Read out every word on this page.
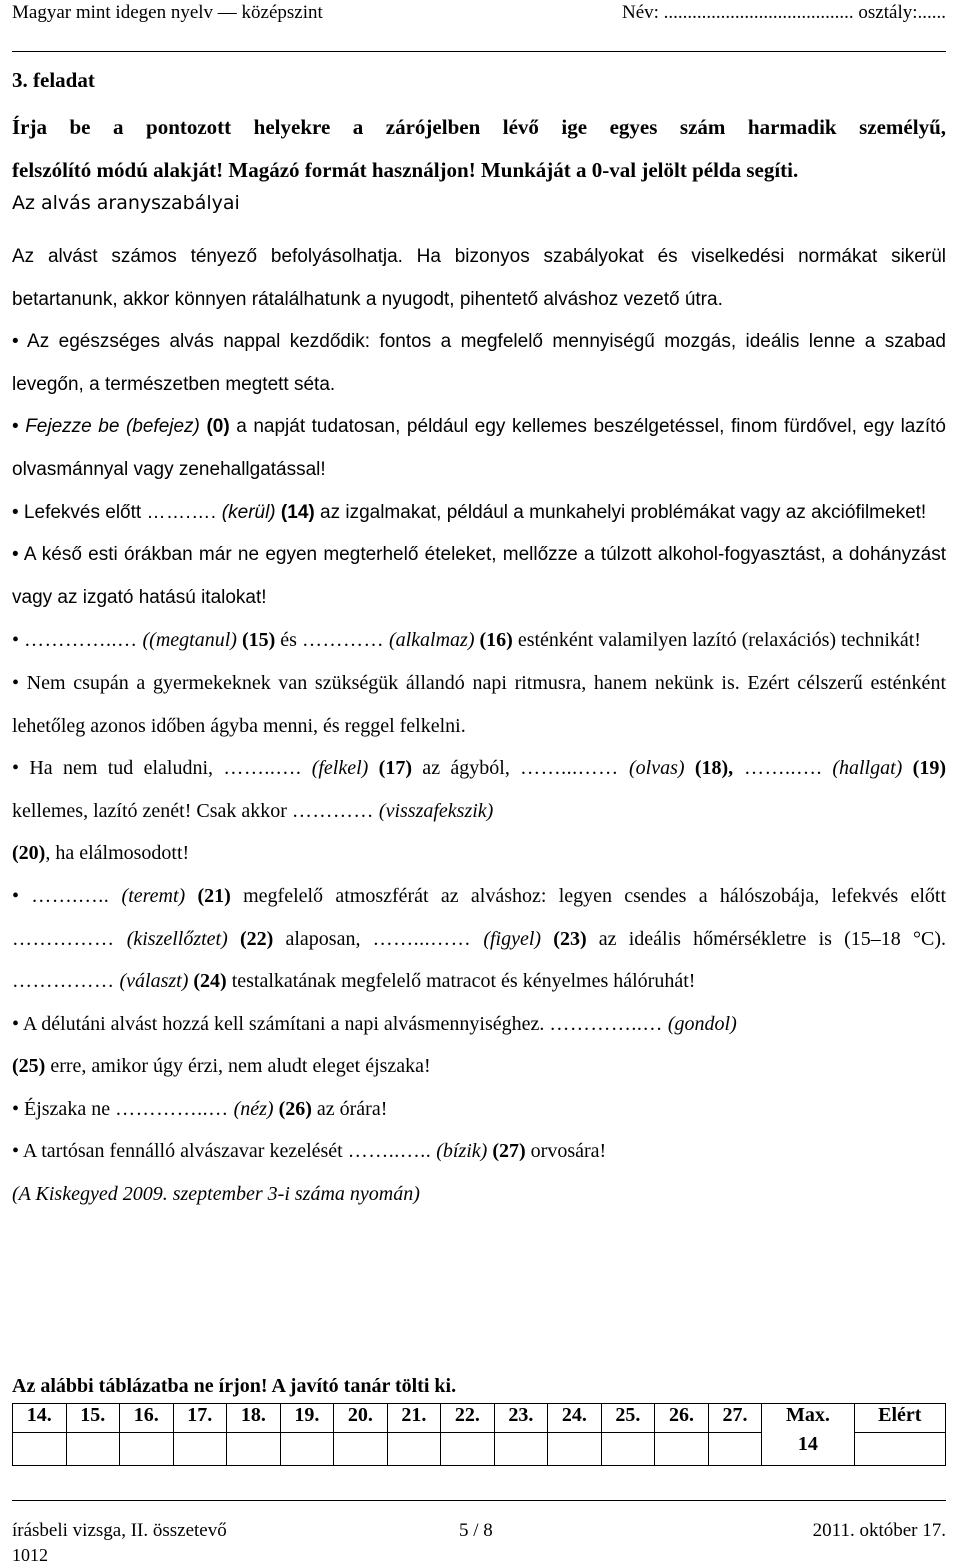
Magyar mint idegen nyelv — középszint	Név: ........................................ osztály:......
3. feladat
Írja be a pontozott helyekre a zárójelben lévő ige egyes szám harmadik személyű,
felszólító módú alakját! Magázó formát használjon! Munkáját a 0-val jelölt példa segíti.
Az alvás aranyszabályai

Az alvást számos tényező befolyásolhatja. Ha bizonyos szabályokat és viselkedési normákat sikerül betartanunk, akkor könnyen rátalálhatunk a nyugodt, pihentető alváshoz vezető útra.

• Az egészséges alvás nappal kezdődik: fontos a megfelelő mennyiségű mozgás, ideális lenne a szabad levegőn, a természetben megtett séta.

• Fejezze be (befejez) (0) a napját tudatosan, például egy kellemes beszélgetéssel, finom fürdővel, egy lazító olvasmánnyal vagy zenehallgatással!

• Lefekvés előtt …….…. (kerül) (14) az izgalmakat, például a munkahelyi problémákat vagy az akciófilmeket!

• A késő esti órákban már ne egyen megterhelő ételeket, mellőzze a túlzott alkohol-fogyasztást, a dohányzást vagy az izgató hatású italokat!

• …………..… ((megtanul) (15) és ………… (alkalmaz) (16) esténként valamilyen lazító (relaxációs) technikát!

• Nem csupán a gyermekeknek van szükségük állandó napi ritmusra, hanem nekünk is. Ezért célszerű esténként lehetőleg azonos időben ágyba menni, és reggel felkelni.

• Ha nem tud elaludni, ……..…. (felkel) (17) az ágyból, ……...…… (olvas) (18), ……..…. (hallgat) (19) kellemes, lazító zenét! Csak akkor ………… (visszafekszik)
(20), ha elálmosodott!

• …….….. (teremt) (21) megfelelő atmoszférát az alváshoz: legyen csendes a hálószobája, lefekvés előtt …………… (kiszellőztet) (22) alaposan, ……...…… (figyel) (23) az ideális hőmérsékletre is (15–18 °C). …………… (választ) (24) testalkatának megfelelő matracot és kényelmes hálóruhát!

• A délutáni alvást hozzá kell számítani a napi alvásmennyiséghez. …………..… (gondol)
(25) erre, amikor úgy érzi, nem aludt eleget éjszaka!

• Éjszaka ne …………..… (néz) (26) az órára!

• A tartósan fennálló alvászavar kezelését ……..….. (bízik) (27) orvosára!

(A Kiskegyed 2009. szeptember 3-i száma nyomán)

Az alábbi táblázatba ne írjon! A javító tanár tölti ki.
14.	15.	16.	17.	18.	19.	20.	21.	22.	23.	24.	25.	26.	27.	Max.	Elért
														14	
írásbeli vizsga, II. összetevő	5 / 8	2011. október 17.
1012
